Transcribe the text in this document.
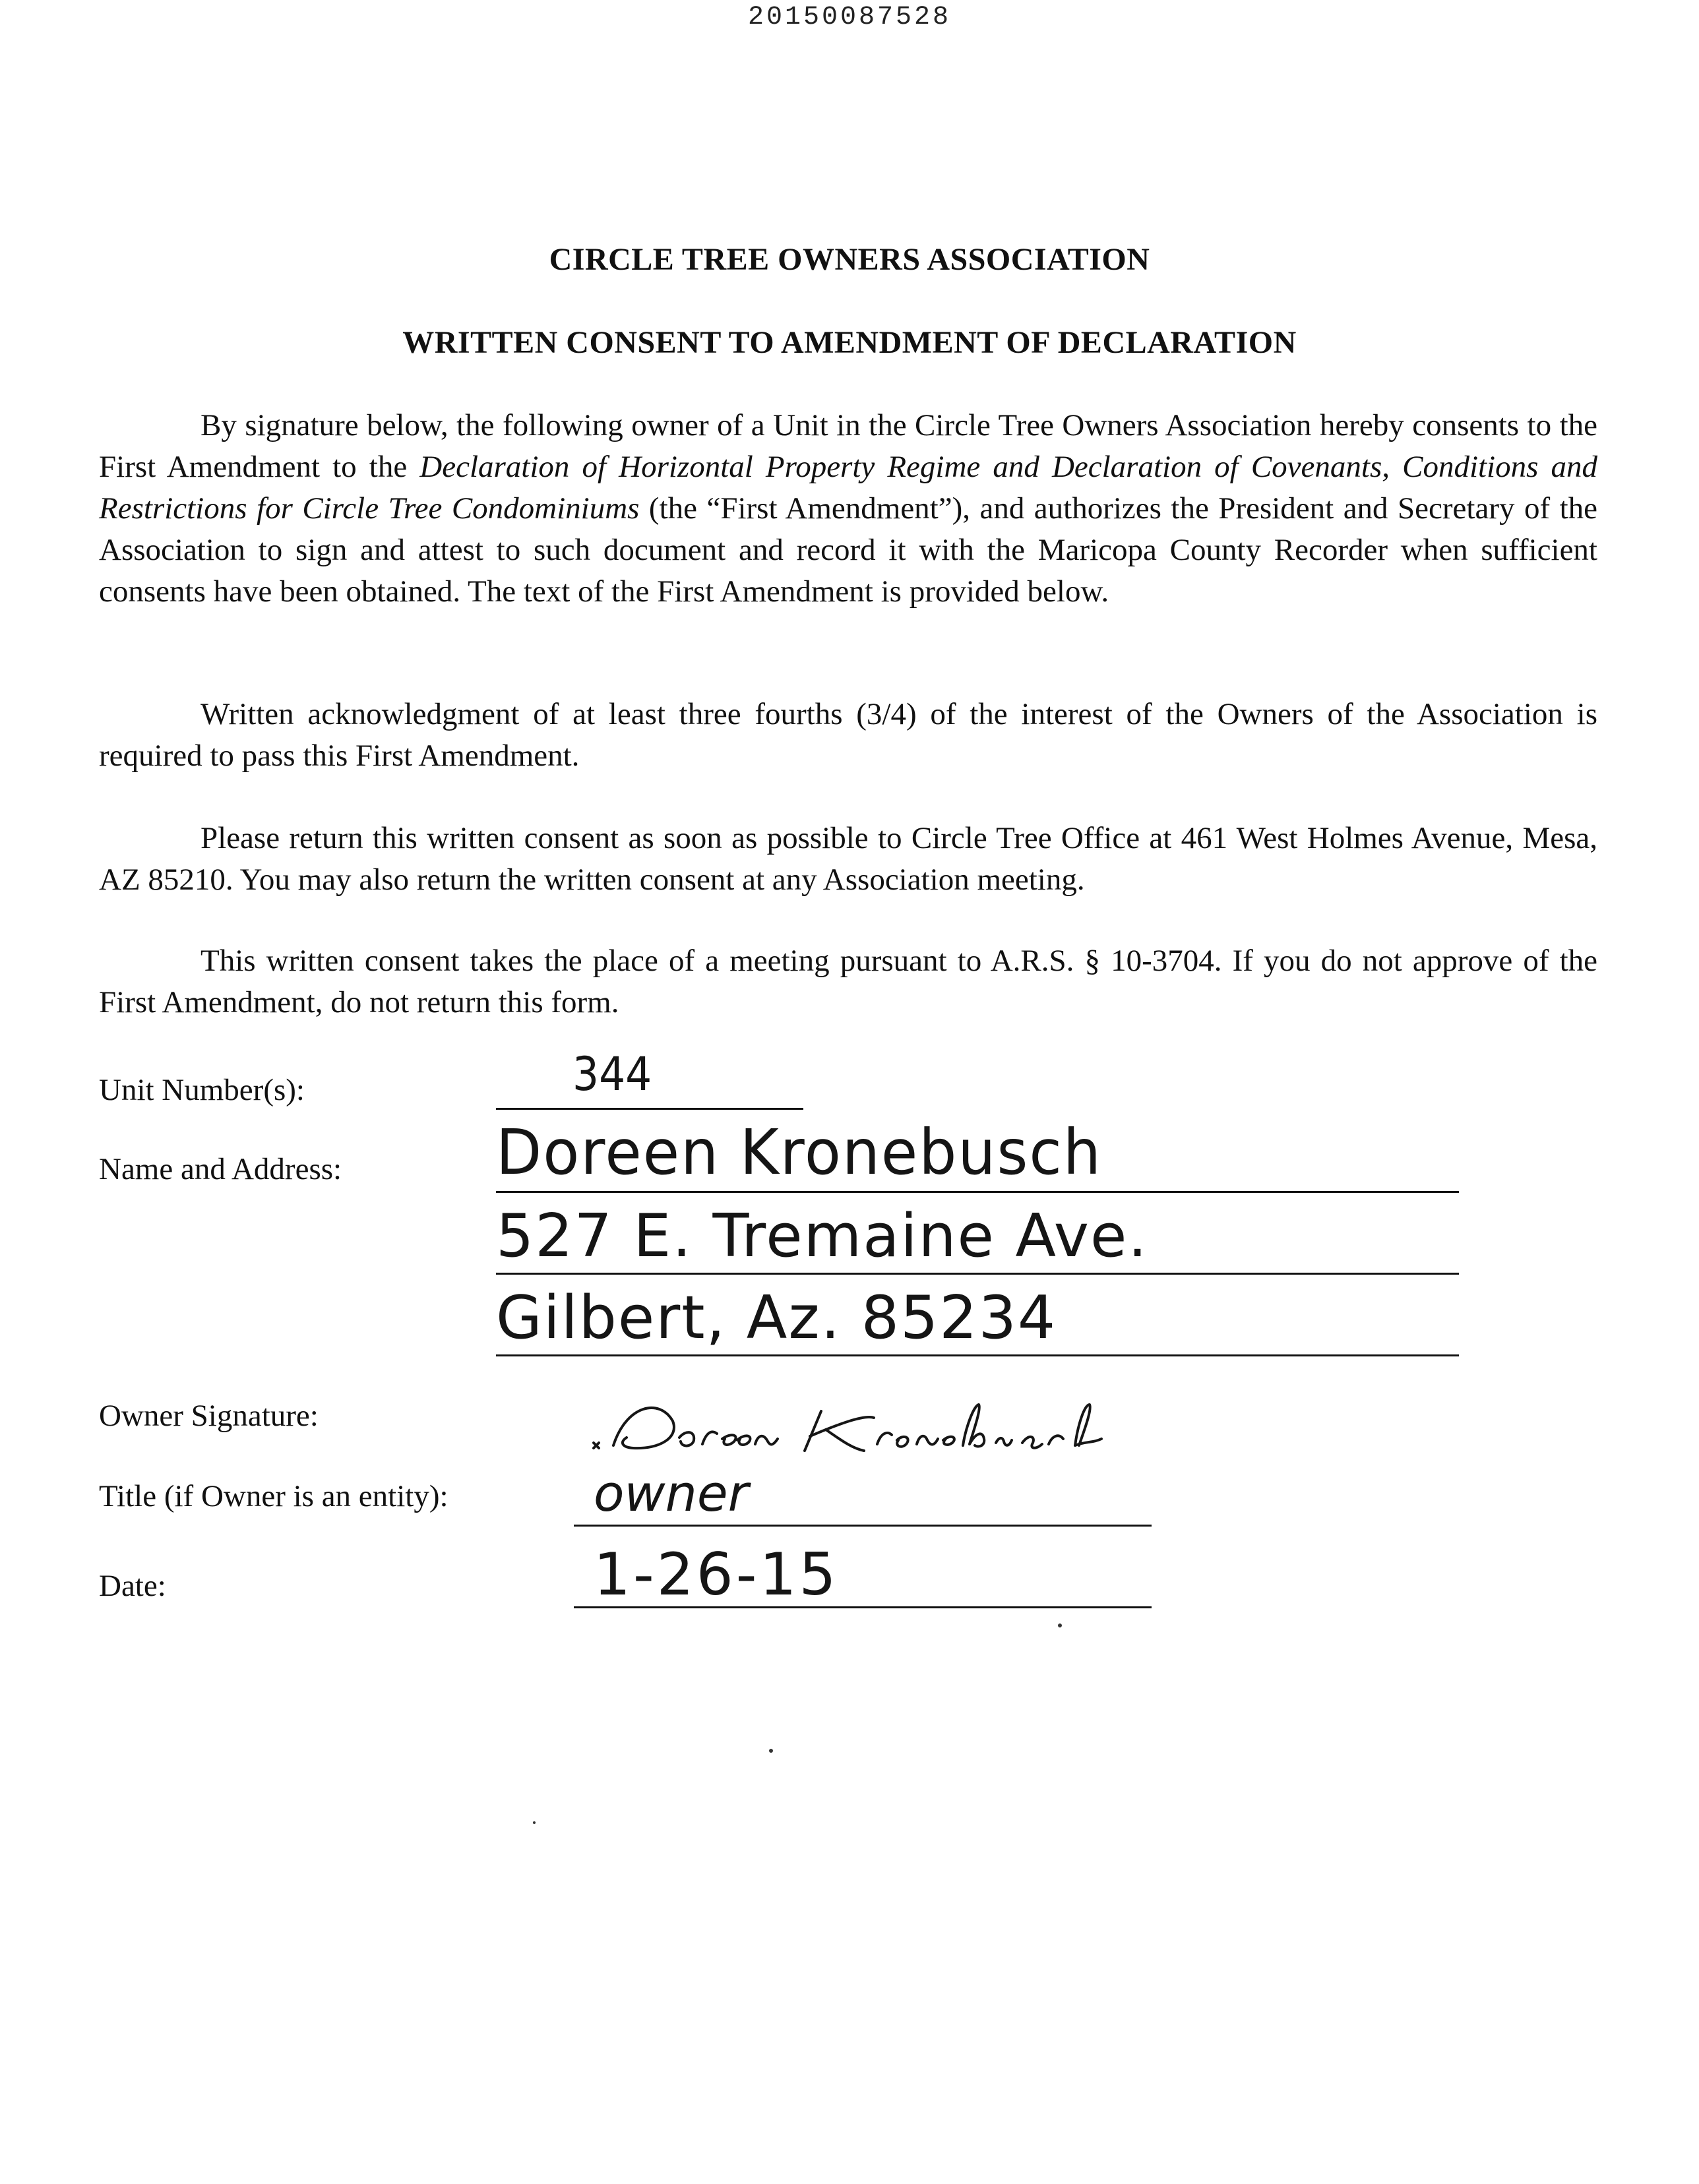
20150087528
CIRCLE TREE OWNERS ASSOCIATION
WRITTEN CONSENT TO AMENDMENT OF DECLARATION
By signature below, the following owner of a Unit in the Circle Tree Owners Association hereby consents to the First Amendment to the Declaration of Horizontal Property Regime and Declaration of Covenants, Conditions and Restrictions for Circle Tree Condominiums (the “First Amendment”), and authorizes the President and Secretary of the Association to sign and attest to such document and record it with the Maricopa County Recorder when sufficient consents have been obtained. The text of the First Amendment is provided below.
Written acknowledgment of at least three fourths (3/4) of the interest of the Owners of the Association is required to pass this First Amendment.
Please return this written consent as soon as possible to Circle Tree Office at 461 West Holmes Avenue, Mesa, AZ 85210. You may also return the written consent at any Association meeting.
This written consent takes the place of a meeting pursuant to A.R.S. § 10-3704. If you do not approve of the First Amendment, do not return this form.
Unit Number(s):	344
Name and Address:	Doreen Kronebusch
527 E. Tremaine Ave.
Gilbert, Az. 85234
Owner Signature:
Title (if Owner is an entity):	owner
Date:	1-26-15
